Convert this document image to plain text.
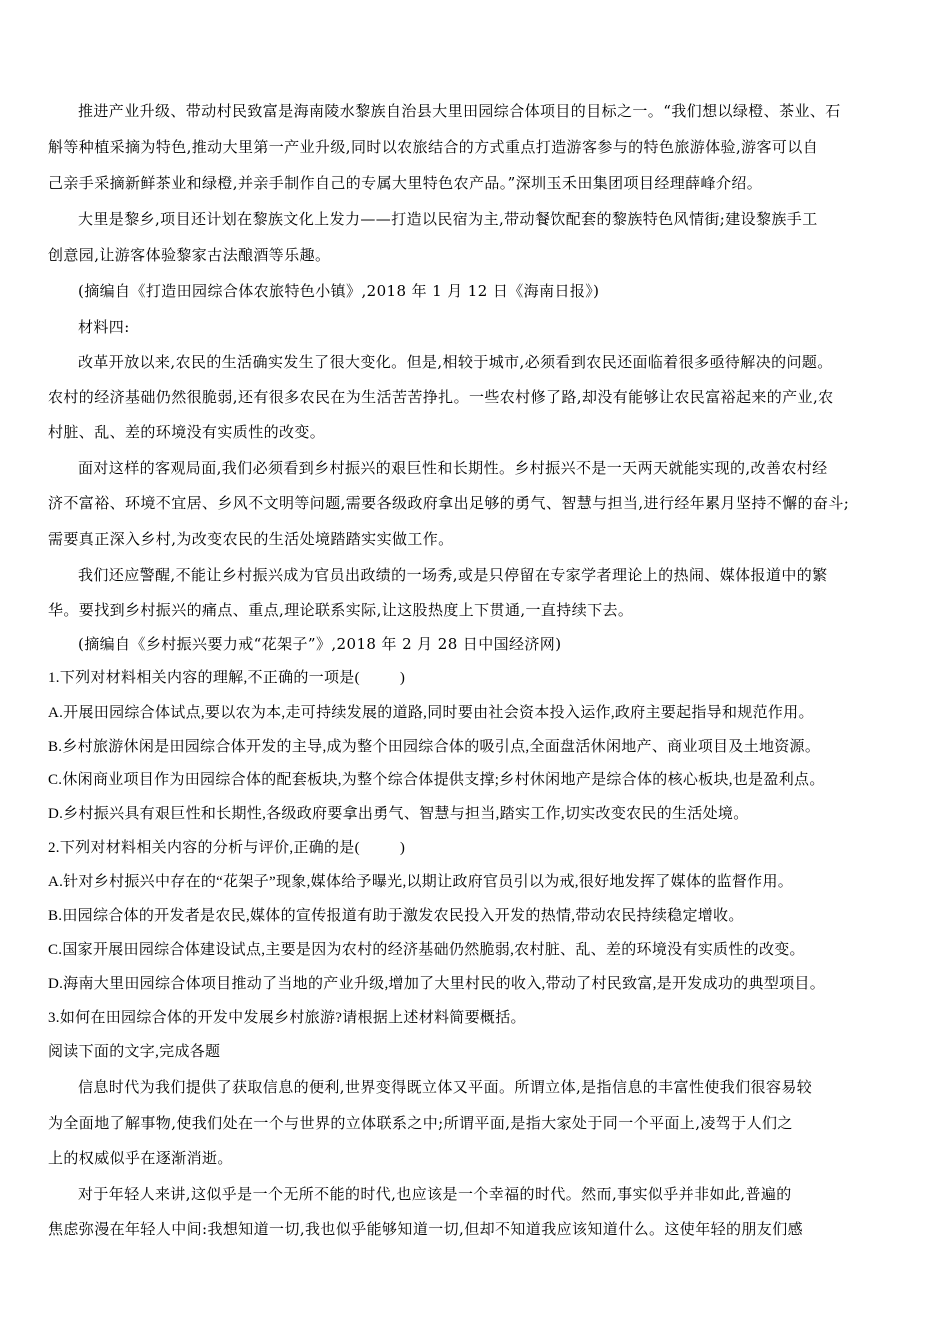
推进产业升级、带动村民致富是海南陵水黎族自治县大里田园综合体项目的目标之一。“我们想以绿橙、茶业、石
斛等种植采摘为特色,推动大里第一产业升级,同时以农旅结合的方式重点打造游客参与的特色旅游体验,游客可以自
己亲手采摘新鲜茶业和绿橙,并亲手制作自己的专属大里特色农产品。”深圳玉禾田集团项目经理薛峰介绍。
大里是黎乡,项目还计划在黎族文化上发力——打造以民宿为主,带动餐饮配套的黎族特色风情街;建设黎族手工
创意园,让游客体验黎家古法酿酒等乐趣。
(摘编自《打造田园综合体农旅特色小镇》,2018 年 1 月 12 日《海南日报》)
材料四:
改革开放以来,农民的生活确实发生了很大变化。但是,相较于城市,必须看到农民还面临着很多亟待解决的问题。
农村的经济基础仍然很脆弱,还有很多农民在为生活苦苦挣扎。一些农村修了路,却没有能够让农民富裕起来的产业,农
村脏、乱、差的环境没有实质性的改变。
面对这样的客观局面,我们必须看到乡村振兴的艰巨性和长期性。乡村振兴不是一天两天就能实现的,改善农村经
济不富裕、环境不宜居、乡风不文明等问题,需要各级政府拿出足够的勇气、智慧与担当,进行经年累月坚持不懈的奋斗;
需要真正深入乡村,为改变农民的生活处境踏踏实实做工作。
我们还应警醒,不能让乡村振兴成为官员出政绩的一场秀,或是只停留在专家学者理论上的热闹、媒体报道中的繁
华。要找到乡村振兴的痛点、重点,理论联系实际,让这股热度上下贯通,一直持续下去。
(摘编自《乡村振兴要力戒“花架子”》,2018 年 2 月 28 日中国经济网)
1.下列对材料相关内容的理解,不正确的一项是(	)
A.开展田园综合体试点,要以农为本,走可持续发展的道路,同时要由社会资本投入运作,政府主要起指导和规范作用。
B.乡村旅游休闲是田园综合体开发的主导,成为整个田园综合体的吸引点,全面盘活休闲地产、商业项目及土地资源。
C.休闲商业项目作为田园综合体的配套板块,为整个综合体提供支撑;乡村休闲地产是综合体的核心板块,也是盈利点。
D.乡村振兴具有艰巨性和长期性,各级政府要拿出勇气、智慧与担当,踏实工作,切实改变农民的生活处境。
2.下列对材料相关内容的分析与评价,正确的是(	)
A.针对乡村振兴中存在的“花架子”现象,媒体给予曝光,以期让政府官员引以为戒,很好地发挥了媒体的监督作用。
B.田园综合体的开发者是农民,媒体的宣传报道有助于激发农民投入开发的热情,带动农民持续稳定增收。
C.国家开展田园综合体建设试点,主要是因为农村的经济基础仍然脆弱,农村脏、乱、差的环境没有实质性的改变。
D.海南大里田园综合体项目推动了当地的产业升级,增加了大里村民的收入,带动了村民致富,是开发成功的典型项目。
3.如何在田园综合体的开发中发展乡村旅游?请根据上述材料简要概括。
阅读下面的文字,完成各题
信息时代为我们提供了获取信息的便利,世界变得既立体又平面。所谓立体,是指信息的丰富性使我们很容易较
为全面地了解事物,使我们处在一个与世界的立体联系之中;所谓平面,是指大家处于同一个平面上,凌驾于人们之
上的权威似乎在逐渐消逝。
对于年轻人来讲,这似乎是一个无所不能的时代,也应该是一个幸福的时代。然而,事实似乎并非如此,普遍的
焦虑弥漫在年轻人中间:我想知道一切,我也似乎能够知道一切,但却不知道我应该知道什么。这使年轻的朋友们感
